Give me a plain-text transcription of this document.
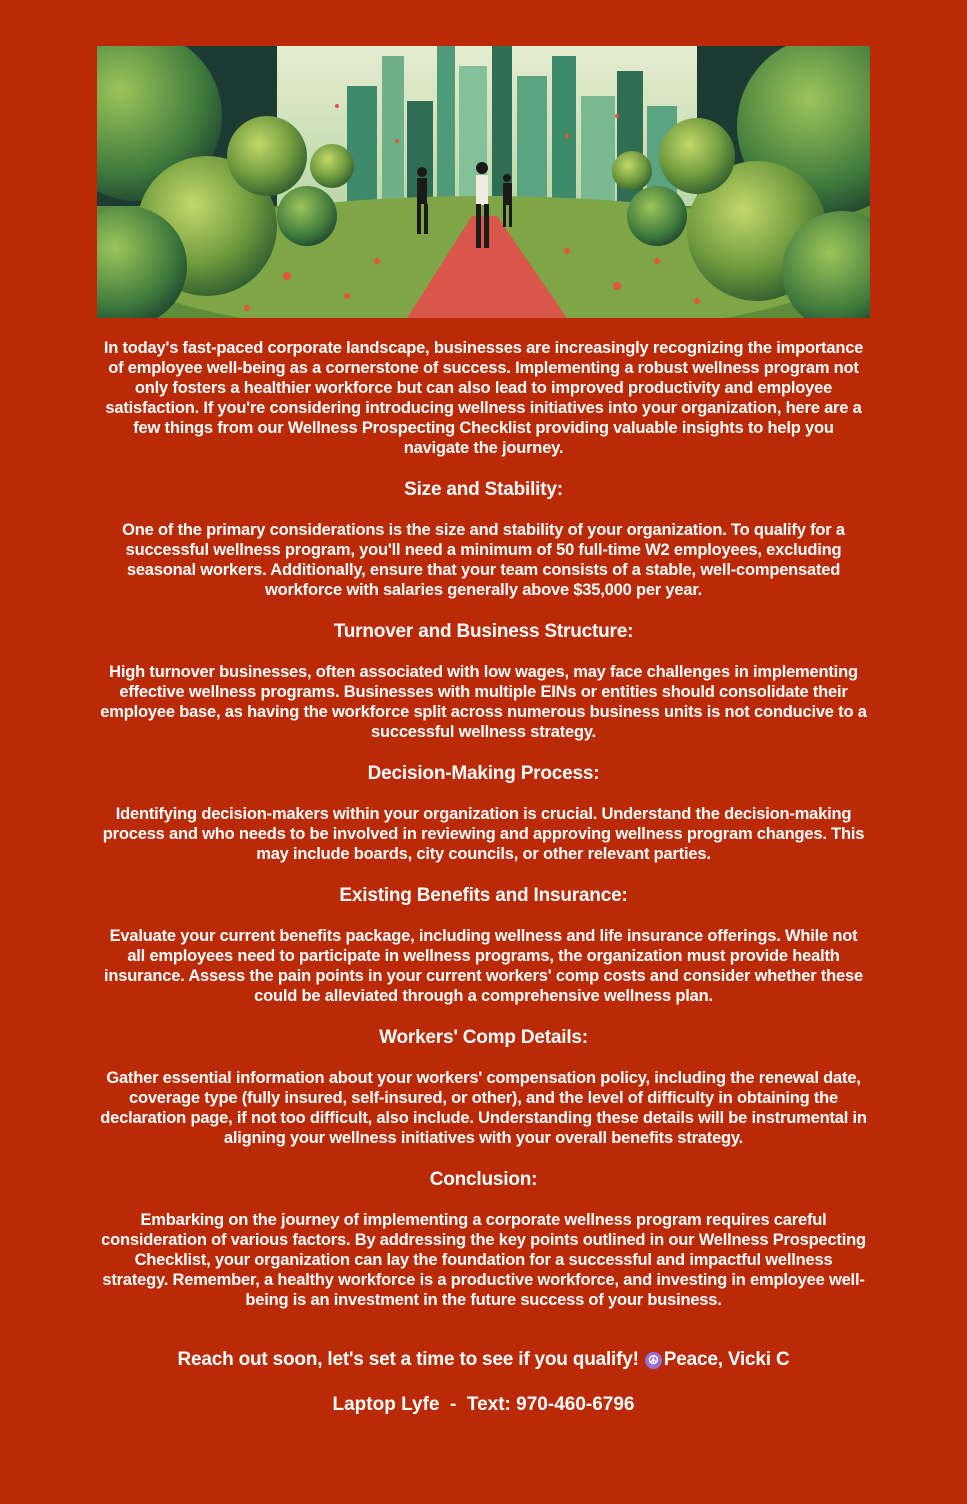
In today's fast-paced corporate landscape, businesses are increasingly recognizing the importance of employee well-being as a cornerstone of success. Implementing a robust wellness program not only fosters a healthier workforce but can also lead to improved productivity and employee satisfaction. If you're considering introducing wellness initiatives into your organization, here are a few things from our Wellness Prospecting Checklist providing valuable insights to help you navigate the journey.

Size and Stability:

One of the primary considerations is the size and stability of your organization. To qualify for a successful wellness program, you'll need a minimum of 50 full-time W2 employees, excluding seasonal workers. Additionally, ensure that your team consists of a stable, well-compensated workforce with salaries generally above $35,000 per year.

Turnover and Business Structure:

High turnover businesses, often associated with low wages, may face challenges in implementing effective wellness programs. Businesses with multiple EINs or entities should consolidate their employee base, as having the workforce split across numerous business units is not conducive to a successful wellness strategy.

Decision-Making Process:

Identifying decision-makers within your organization is crucial. Understand the decision-making process and who needs to be involved in reviewing and approving wellness program changes. This may include boards, city councils, or other relevant parties.

Existing Benefits and Insurance:

Evaluate your current benefits package, including wellness and life insurance offerings. While not all employees need to participate in wellness programs, the organization must provide health insurance. Assess the pain points in your current workers' comp costs and consider whether these could be alleviated through a comprehensive wellness plan.

Workers' Comp Details:

Gather essential information about your workers' compensation policy, including the renewal date, coverage type (fully insured, self-insured, or other), and the level of difficulty in obtaining the declaration page, if not too difficult, also include. Understanding these details will be instrumental in aligning your wellness initiatives with your overall benefits strategy.

Conclusion:

Embarking on the journey of implementing a corporate wellness program requires careful consideration of various factors. By addressing the key points outlined in our Wellness Prospecting Checklist, your organization can lay the foundation for a successful and impactful wellness strategy. Remember, a healthy workforce is a productive workforce, and investing in employee well-being is an investment in the future success of your business.

Reach out soon, let's set a time to see if you qualify! ☮ Peace, Vicki C
Laptop Lyfe  -  Text: 970-460-6796
